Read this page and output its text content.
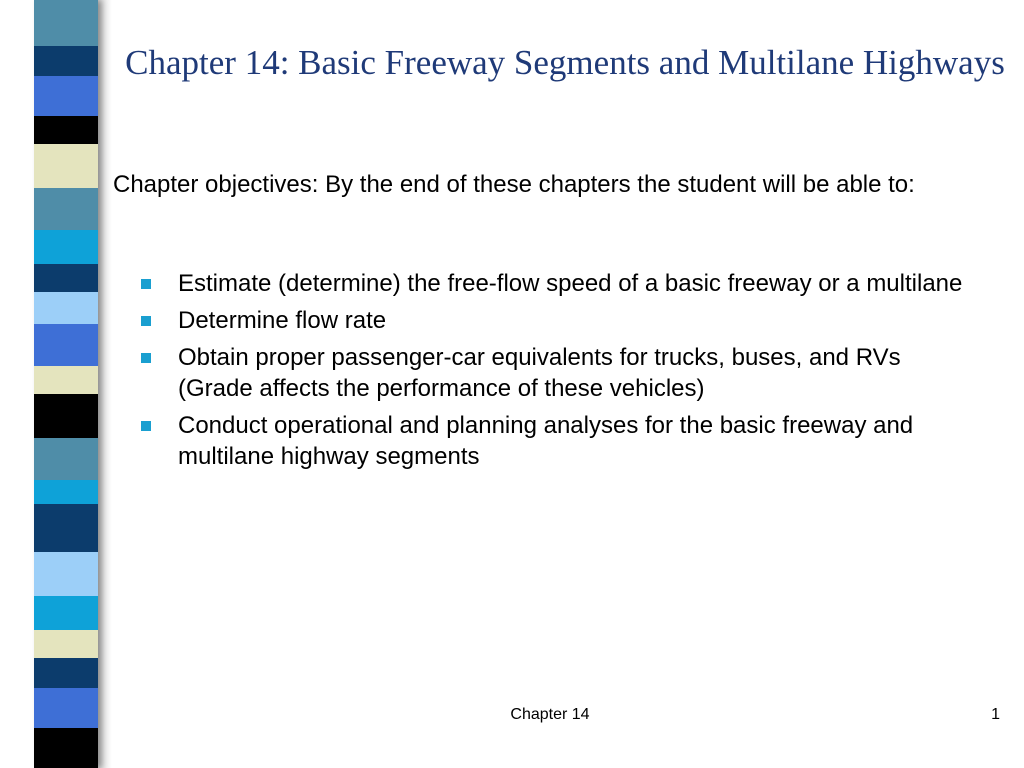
Chapter 14: Basic Freeway Segments and Multilane Highways

Chapter objectives: By the end of these chapters the student will be able to:

Estimate (determine) the free-flow speed of a basic freeway or a multilane
Determine flow rate
Obtain proper passenger-car equivalents for trucks, buses, and RVs (Grade affects the performance of these vehicles)
Conduct operational and planning analyses for the basic freeway and multilane highway segments
Chapter 14	1
